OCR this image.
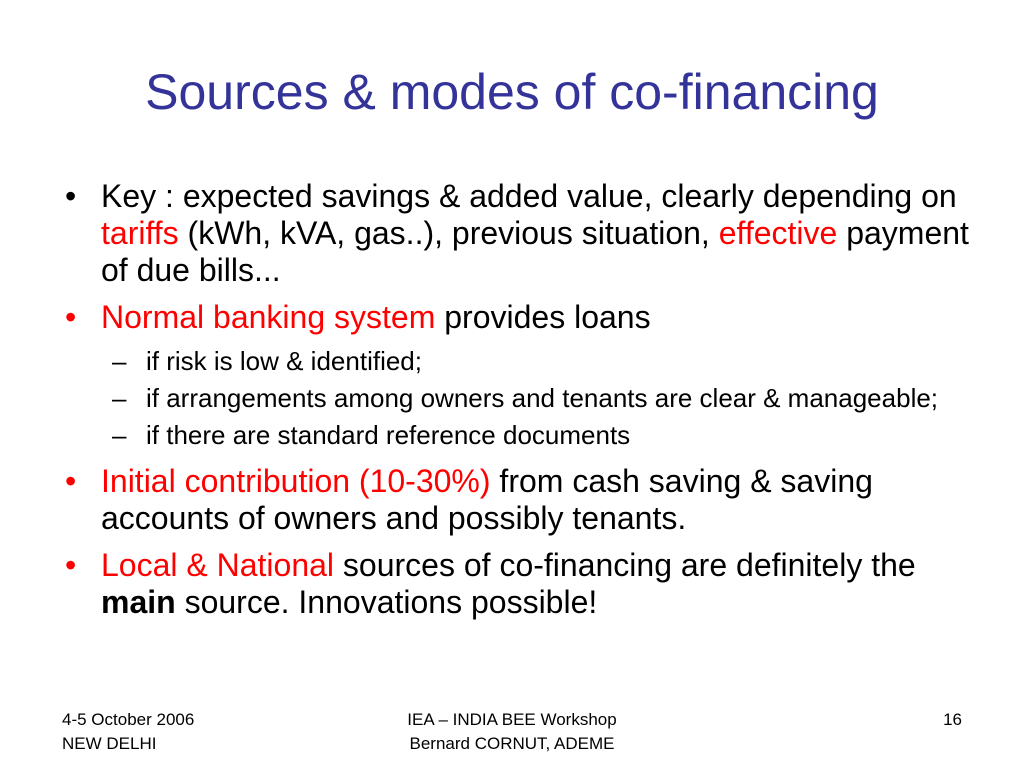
Sources & modes of co-financing
• Key : expected savings & added value, clearly depending on tariffs (kWh, kVA, gas..), previous situation, effective payment of due bills...
• Normal banking system provides loans
– if risk is low & identified;
– if arrangements among owners and tenants are clear & manageable;
– if there are standard reference documents
• Initial contribution (10-30%) from cash saving & saving accounts of owners and possibly tenants.
• Local & National sources of co-financing are definitely the main source. Innovations possible!
4-5 October 2006
NEW DELHI
IEA – INDIA BEE Workshop
Bernard CORNUT, ADEME
16
